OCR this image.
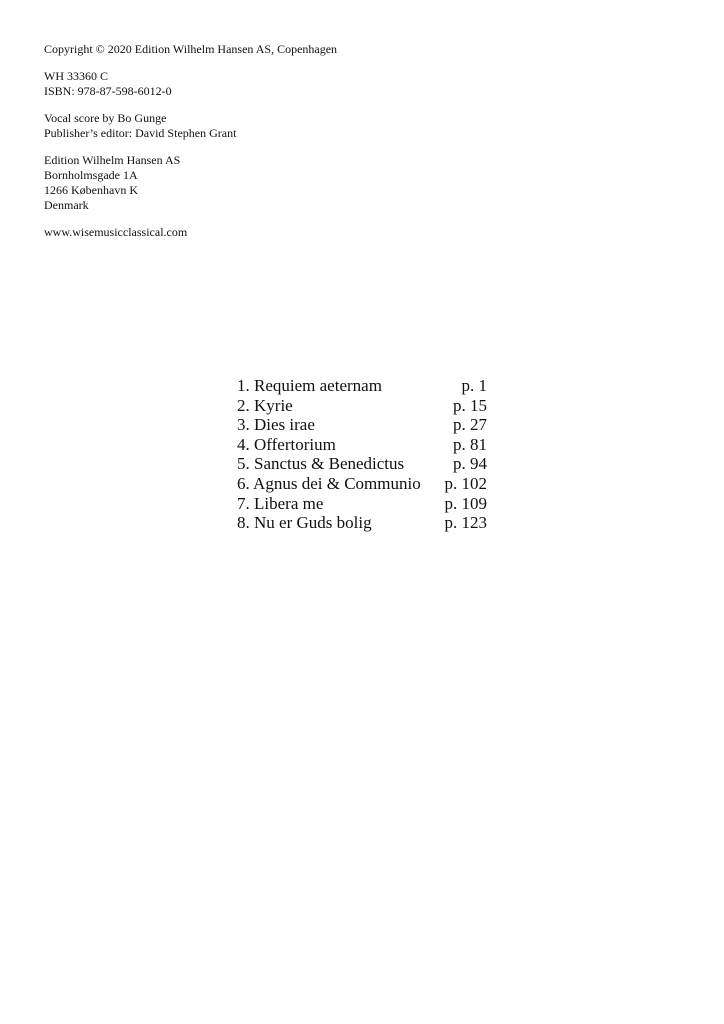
Copyright © 2020 Edition Wilhelm Hansen AS, Copenhagen
WH 33360 C
ISBN: 978-87-598-6012-0
Vocal score by Bo Gunge
Publisher’s editor: David Stephen Grant
Edition Wilhelm Hansen AS
Bornholmsgade 1A
1266 København K
Denmark
www.wisemusicclassical.com
1. Requiem aeternam	p. 1
2. Kyrie	p. 15
3. Dies irae	p. 27
4. Offertorium	p. 81
5. Sanctus & Benedictus	p. 94
6. Agnus dei & Communio p. 102
7. Libera me	p. 109
8. Nu er Guds bolig	p. 123
